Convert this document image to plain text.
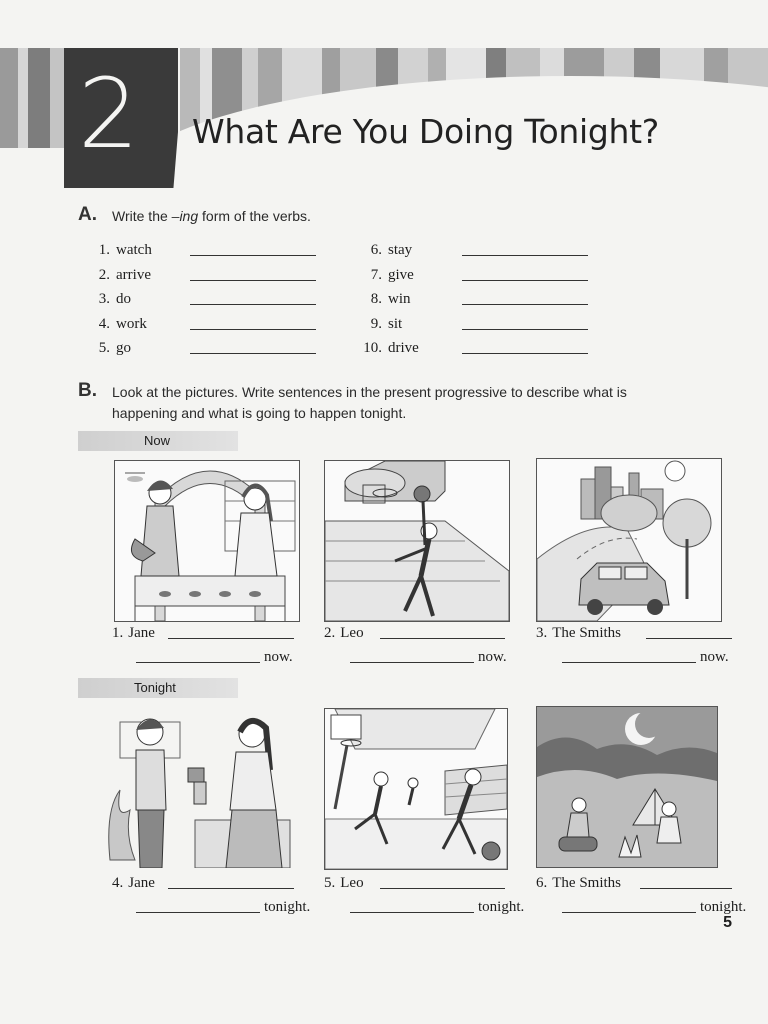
2 What Are You Doing Tonight?
A. Write the –ing form of the verbs.
1. watch
2. arrive
3. do
4. work
5. go
6. stay
7. give
8. win
9. sit
10. drive
B. Look at the pictures. Write sentences in the present progressive to describe what is
happening and what is going to happen tonight.
Now
Tonight
1. Jane
now.
2. Leo
now.
3. The Smiths
now.
4. Jane
tonight.
5. Leo
tonight.
6. The Smiths
tonight.
5
